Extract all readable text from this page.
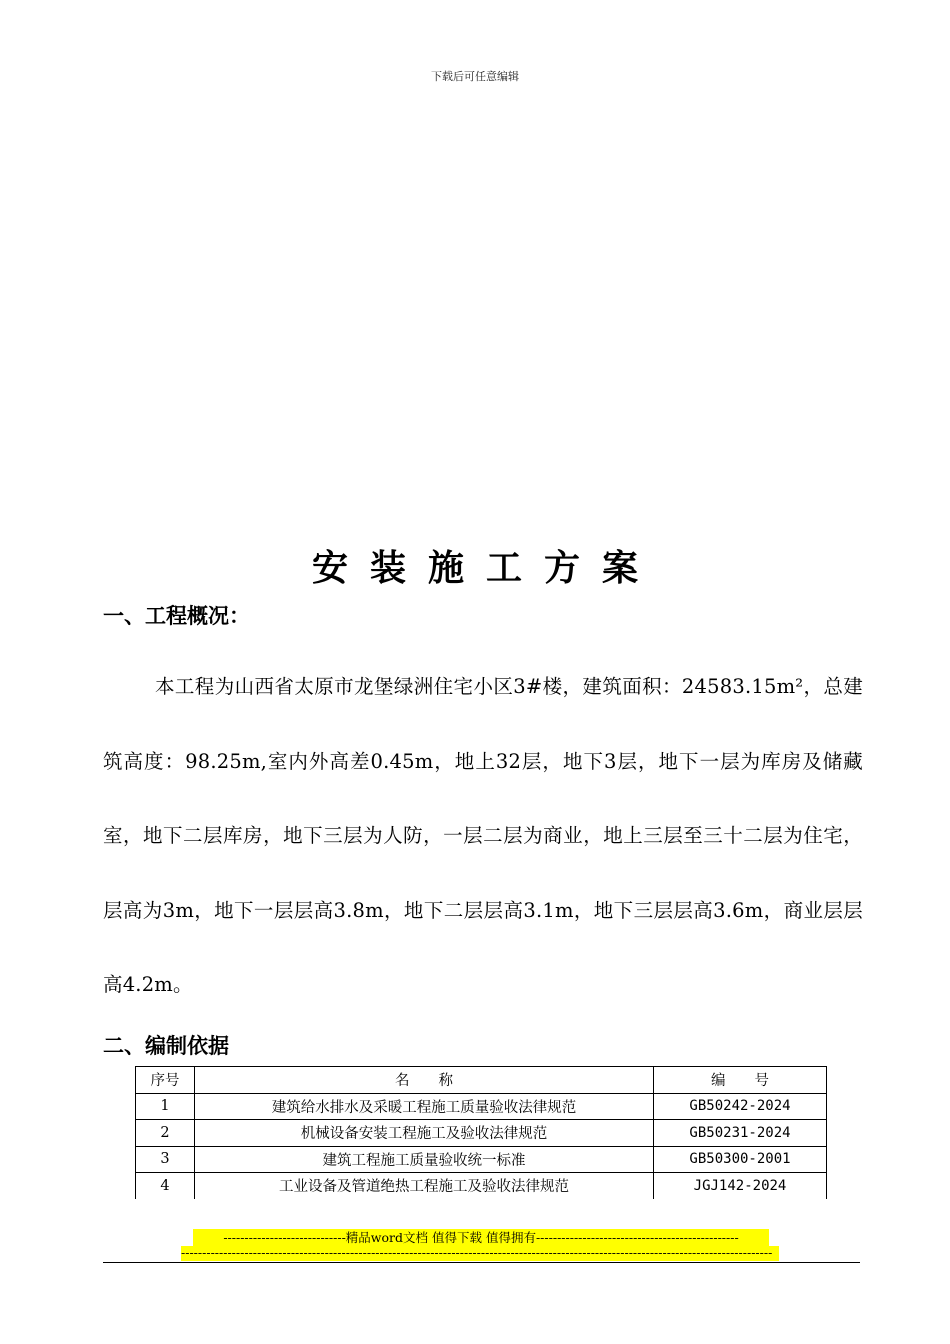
下载后可任意编辑
安装施工方案
一、工程概况：

本工程为山西省太原市龙堡绿洲住宅小区3#楼，建筑面积：24583.15m²，总建筑高度：98.25m,室内外高差0.45m，地上32层，地下3层，地下一层为库房及储藏室，地下二层库房，地下三层为人防，一层二层为商业，地上三层至三十二层为住宅，层高为3m，地下一层层高3.8m，地下二层层高3.1m，地下三层层高3.6m，商业层层高4.2m。

二、编制依据
序号	名　　称	编　　号
1	建筑给水排水及采暖工程施工质量验收法律规范	GB50242-2024
2	机械设备安装工程施工及验收法律规范	GB50231-2024
3	建筑工程施工质量验收统一标准	GB50300-2001
4	工业设备及管道绝热工程施工及验收法律规范	JGJ142-2024
-----------------------------精品word文档 值得下载 值得拥有------------------------------------------------
--------------------------------------------------------------------------------------------------------------------------------------------
